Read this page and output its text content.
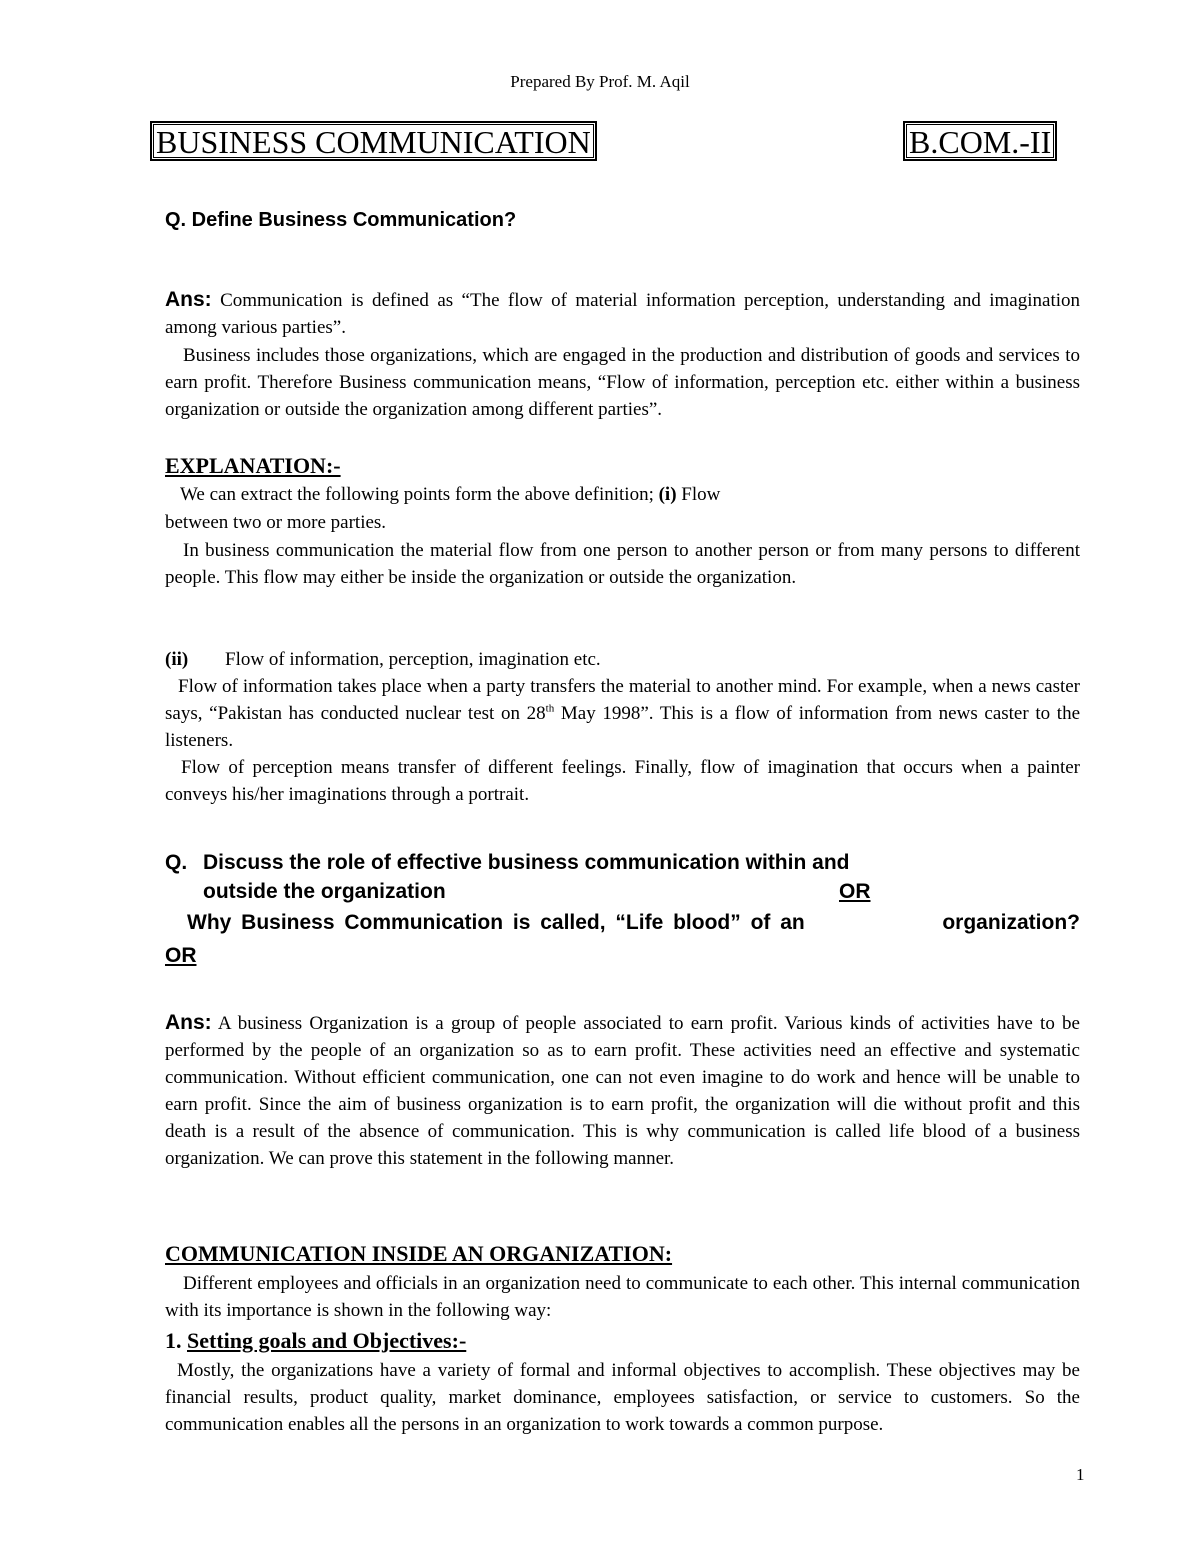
Prepared By Prof. M. Aqil
BUSINESS COMMUNICATION	B.COM.-II
Q. Define Business Communication?
Ans: Communication is defined as “The flow of material information perception, understanding and imagination among various parties”.
Business includes those organizations, which are engaged in the production and distribution of goods and services to earn profit. Therefore Business communication means, “Flow of information, perception etc. either within a business organization or outside the organization among different parties”.
EXPLANATION:-
We can extract the following points form the above definition; (i) Flow
between two or more parties.
In business communication the material flow from one person to another person or from many persons to different people. This flow may either be inside the organization or outside the organization.
(ii) Flow of information, perception, imagination etc.
Flow of information takes place when a party transfers the material to another mind. For example, when a news caster says, “Pakistan has conducted nuclear test on 28th May 1998”. This is a flow of information from news caster to the listeners.
Flow of perception means transfer of different feelings. Finally, flow of imagination that occurs when a painter conveys his/her imaginations through a portrait.
Q. Discuss the role of effective business communication within and
outside the organization	OR
Why Business Communication is called, “Life blood” of an	organization?
OR
Ans: A business Organization is a group of people associated to earn profit. Various kinds of activities have to be performed by the people of an organization so as to earn profit. These activities need an effective and systematic communication. Without efficient communication, one can not even imagine to do work and hence will be unable to earn profit. Since the aim of business organization is to earn profit, the organization will die without profit and this death is a result of the absence of communication. This is why communication is called life blood of a business organization. We can prove this statement in the following manner.
COMMUNICATION INSIDE AN ORGANIZATION:
Different employees and officials in an organization need to communicate to each other. This internal communication with its importance is shown in the following way:
1. Setting goals and Objectives:-
Mostly, the organizations have a variety of formal and informal objectives to accomplish. These objectives may be financial results, product quality, market dominance, employees satisfaction, or service to customers. So the communication enables all the persons in an organization to work towards a common purpose.
1
